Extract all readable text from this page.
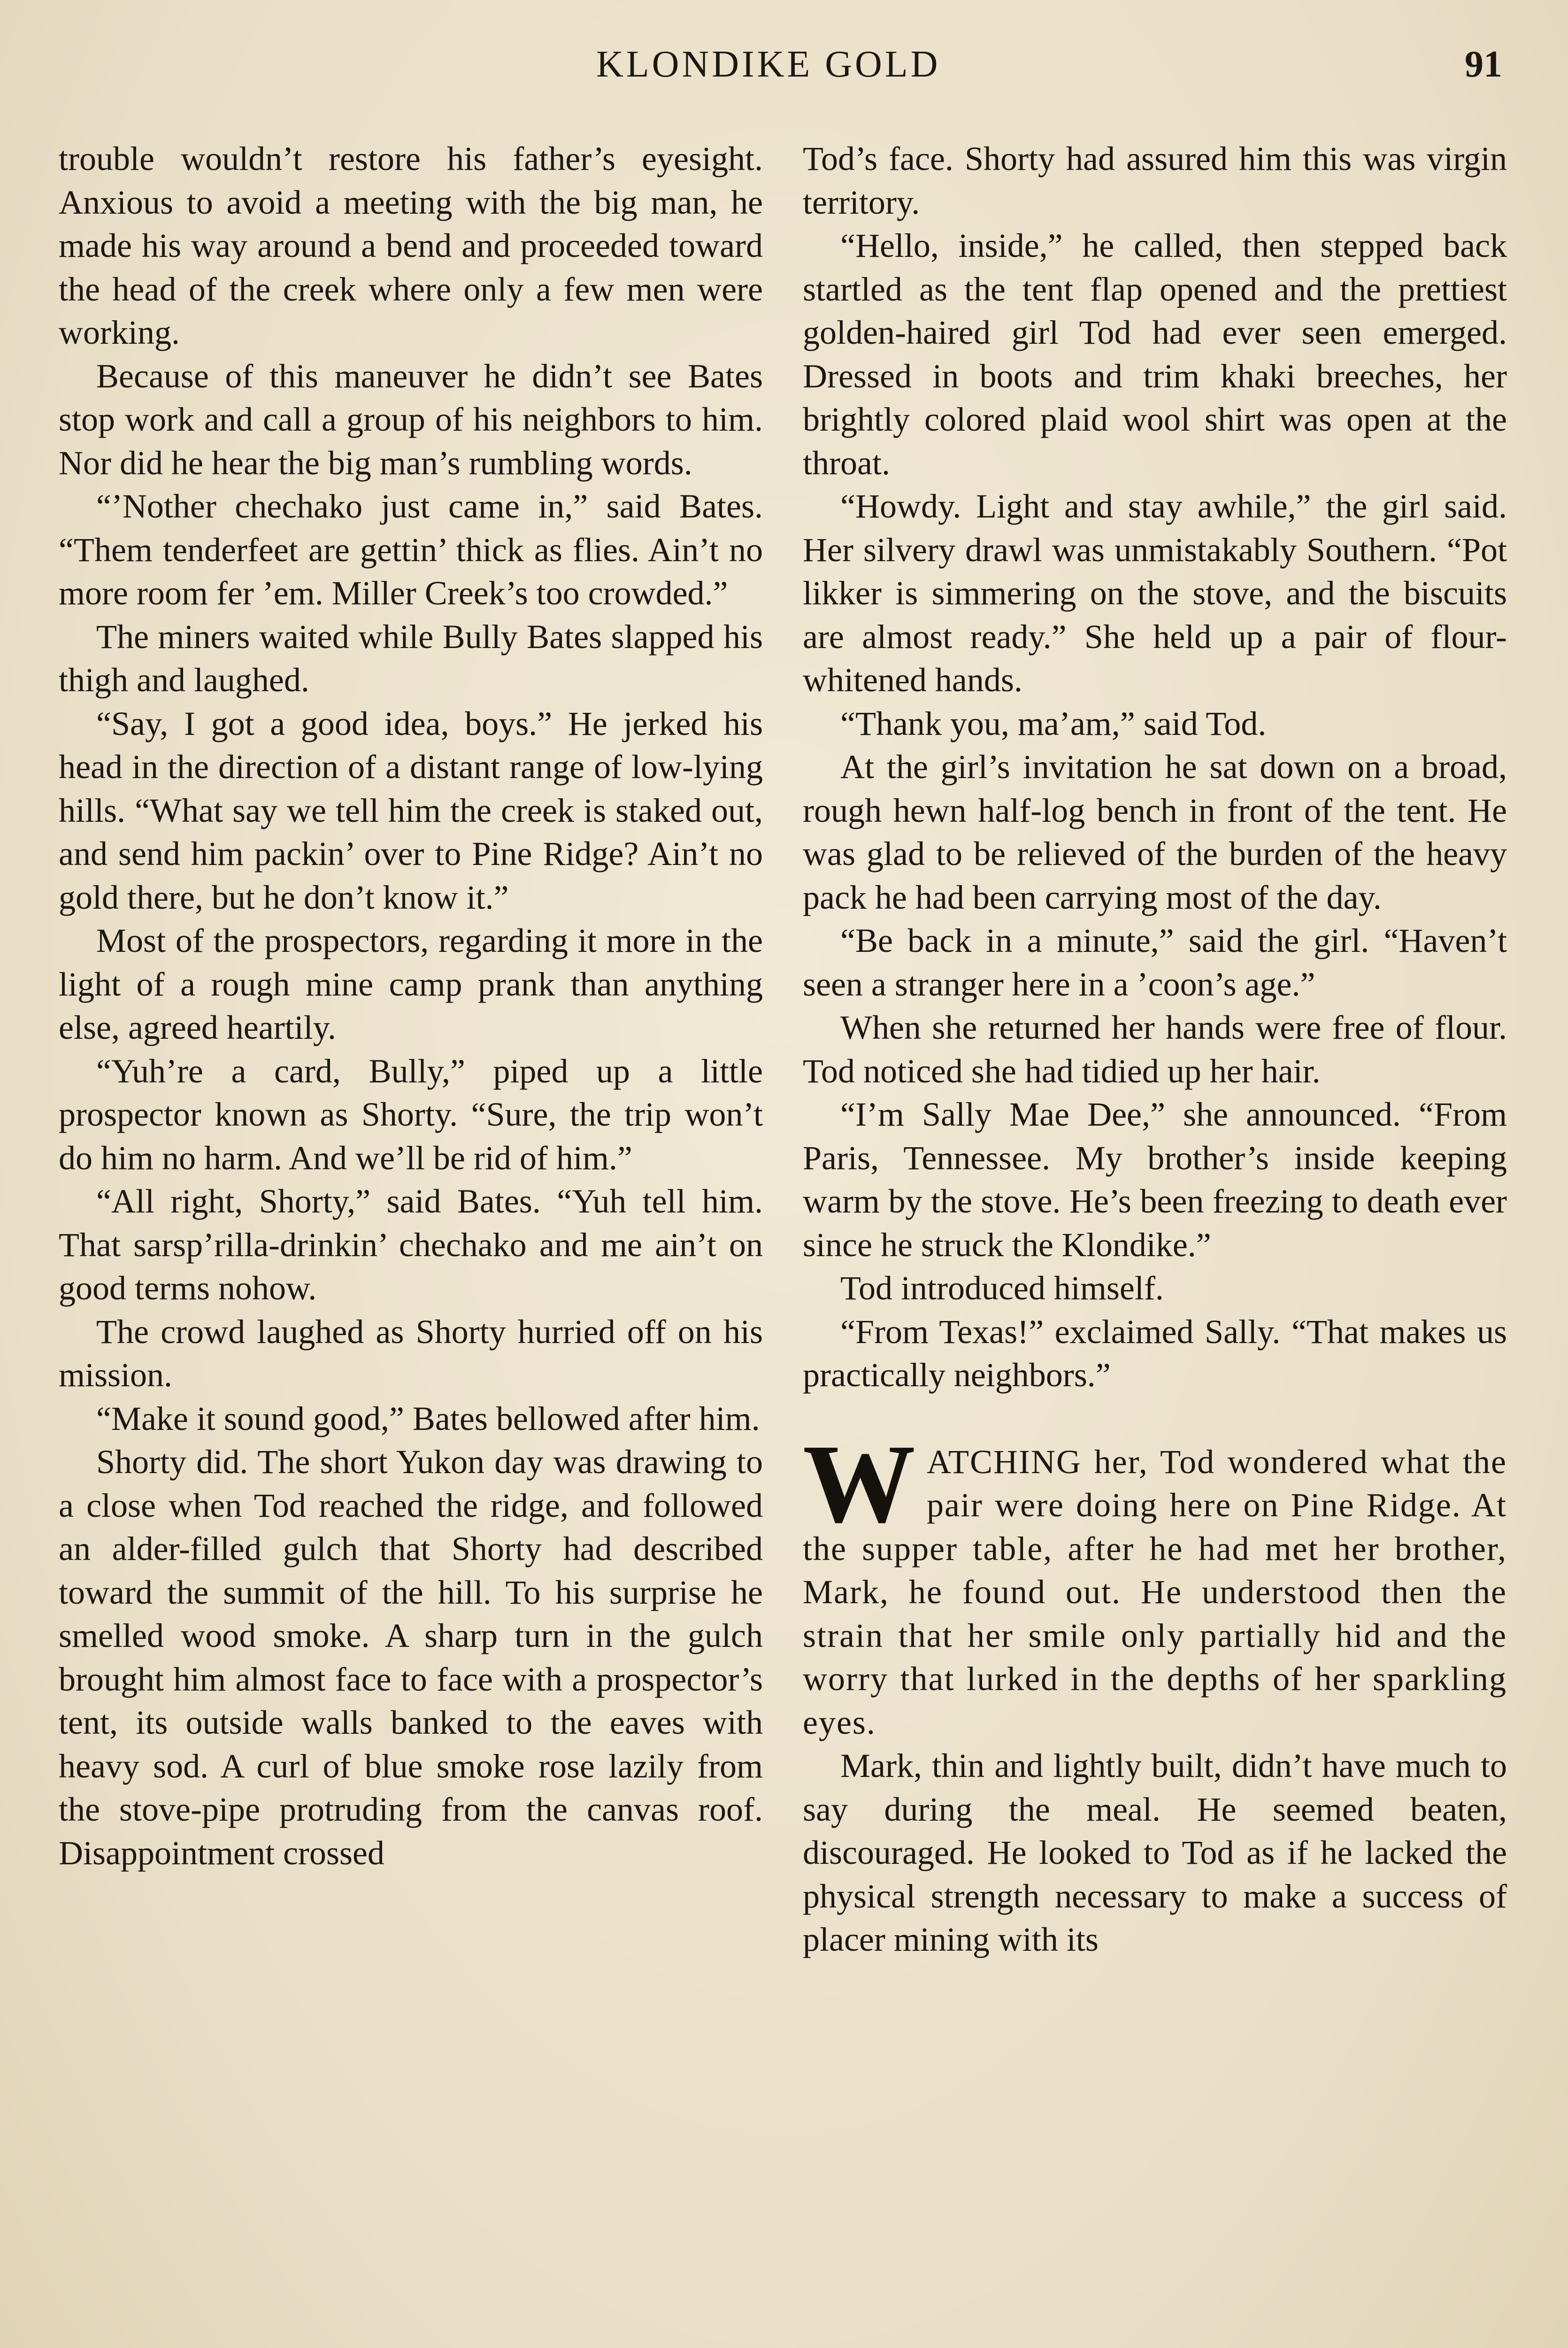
KLONDIKE GOLD	91

trouble wouldn’t restore his father’s eyesight. Anxious to avoid a meeting with the big man, he made his way around a bend and proceeded toward the head of the creek where only a few men were working.

Because of this maneuver he didn’t see Bates stop work and call a group of his neighbors to him. Nor did he hear the big man’s rumbling words.

“’Nother chechako just came in,” said Bates. “Them tenderfeet are gettin’ thick as flies. Ain’t no more room fer ’em. Miller Creek’s too crowded.”

The miners waited while Bully Bates slapped his thigh and laughed.

“Say, I got a good idea, boys.” He jerked his head in the direction of a distant range of low-lying hills. “What say we tell him the creek is staked out, and send him packin’ over to Pine Ridge? Ain’t no gold there, but he don’t know it.”

Most of the prospectors, regarding it more in the light of a rough mine camp prank than anything else, agreed heartily.

“Yuh’re a card, Bully,” piped up a little prospector known as Shorty. “Sure, the trip won’t do him no harm. And we’ll be rid of him.”

“All right, Shorty,” said Bates. “Yuh tell him. That sarsp’rilla-drinkin’ chechako and me ain’t on good terms nohow.

The crowd laughed as Shorty hurried off on his mission.

“Make it sound good,” Bates bellowed after him.

Shorty did. The short Yukon day was drawing to a close when Tod reached the ridge, and followed an alder-filled gulch that Shorty had described toward the summit of the hill. To his surprise he smelled wood smoke. A sharp turn in the gulch brought him almost face to face with a prospector’s tent, its outside walls banked to the eaves with heavy sod. A curl of blue smoke rose lazily from the stove-pipe protruding from the canvas roof. Disappointment crossed

Tod’s face. Shorty had assured him this was virgin territory.

“Hello, inside,” he called, then stepped back startled as the tent flap opened and the prettiest golden-haired girl Tod had ever seen emerged. Dressed in boots and trim khaki breeches, her brightly colored plaid wool shirt was open at the throat.

“Howdy. Light and stay awhile,” the girl said. Her silvery drawl was unmistakably Southern. “Pot likker is simmering on the stove, and the biscuits are almost ready.” She held up a pair of flour-whitened hands.

“Thank you, ma’am,” said Tod.

At the girl’s invitation he sat down on a broad, rough hewn half-log bench in front of the tent. He was glad to be relieved of the burden of the heavy pack he had been carrying most of the day.

“Be back in a minute,” said the girl. “Haven’t seen a stranger here in a ’coon’s age.”

When she returned her hands were free of flour. Tod noticed she had tidied up her hair.

“I’m Sally Mae Dee,” she announced. “From Paris, Tennessee. My brother’s inside keeping warm by the stove. He’s been freezing to death ever since he struck the Klondike.”

Tod introduced himself.

“From Texas!” exclaimed Sally. “That makes us practically neighbors.”

WATCHING her, Tod wondered what the pair were doing here on Pine Ridge. At the supper table, after he had met her brother, Mark, he found out. He understood then the strain that her smile only partially hid and the worry that lurked in the depths of her sparkling eyes.

Mark, thin and lightly built, didn’t have much to say during the meal. He seemed beaten, discouraged. He looked to Tod as if he lacked the physical strength necessary to make a success of placer mining with its
